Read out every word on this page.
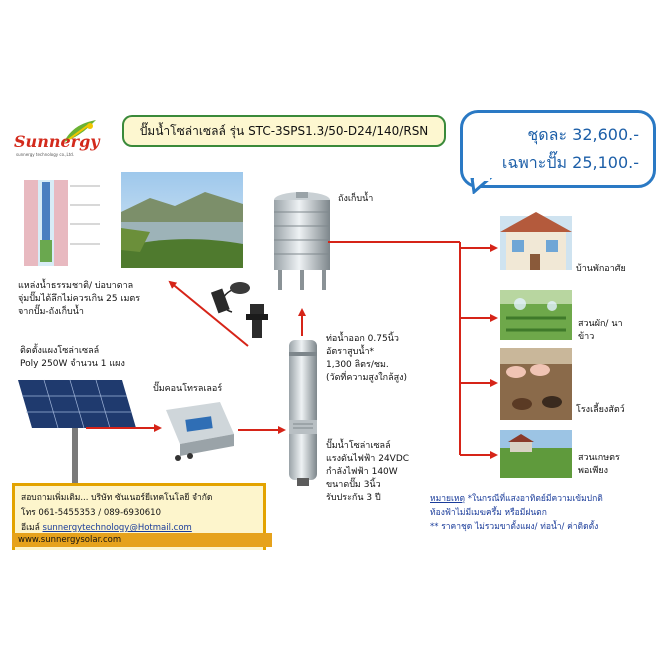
Sunnergy
sunnergy technology co.,Ltd.
ปั๊มน้ำโซล่าเซลล์ รุ่น STC-3SPS1.3/50-D24/140/RSN	ชุดละ 32,600.-
เฉพาะปั๊ม 25,100.-
ถังเก็บน้ำ
แหล่งน้ำธรรมชาติ/ บ่อบาดาล
จุ่มปั๊มได้ลึกไม่ควรเกิน 25 เมตร
จากปั๊ม-ถังเก็บน้ำ
ติดตั้งแผงโซล่าเซลล์
Poly 250W จำนวน 1 แผง
ปั๊มคอนโทรลเลอร์
ท่อน้ำออก 0.75นิ้ว
อัตราสูบน้ำ*
1,300 ลิตร/ชม.
(วัดที่ความสูงใกล้สูง)
ปั๊มน้ำโซล่าเซลล์
แรงดันไฟฟ้า 24VDC
กำลังไฟฟ้า 140W
ขนาดปั๊ม 3นิ้ว
รับประกัน 3 ปี
บ้านพักอาศัย
สวนผัก/ นาข้าว
โรงเลี้ยงสัตว์
สวนเกษตร พอเพียง
หมายเหตุ *ในกรณีที่แสงอาทิตย์มีความเข้มปกติ
ท้องฟ้าไม่มีเมฆครึ้ม หรือมีฝนตก
** ราคาชุด ไม่รวมขาตั้งแผง/ ท่อน้ำ/ ค่าติดตั้ง
สอบถามเพิ่มเติม... บริษัท ซันเนอร์ยีเทคโนโลยี จำกัด
โทร 061-5455353 / 089-6930610
อีเมล์ sunnergytechnology@Hotmail.com
www.sunnergysolar.com
